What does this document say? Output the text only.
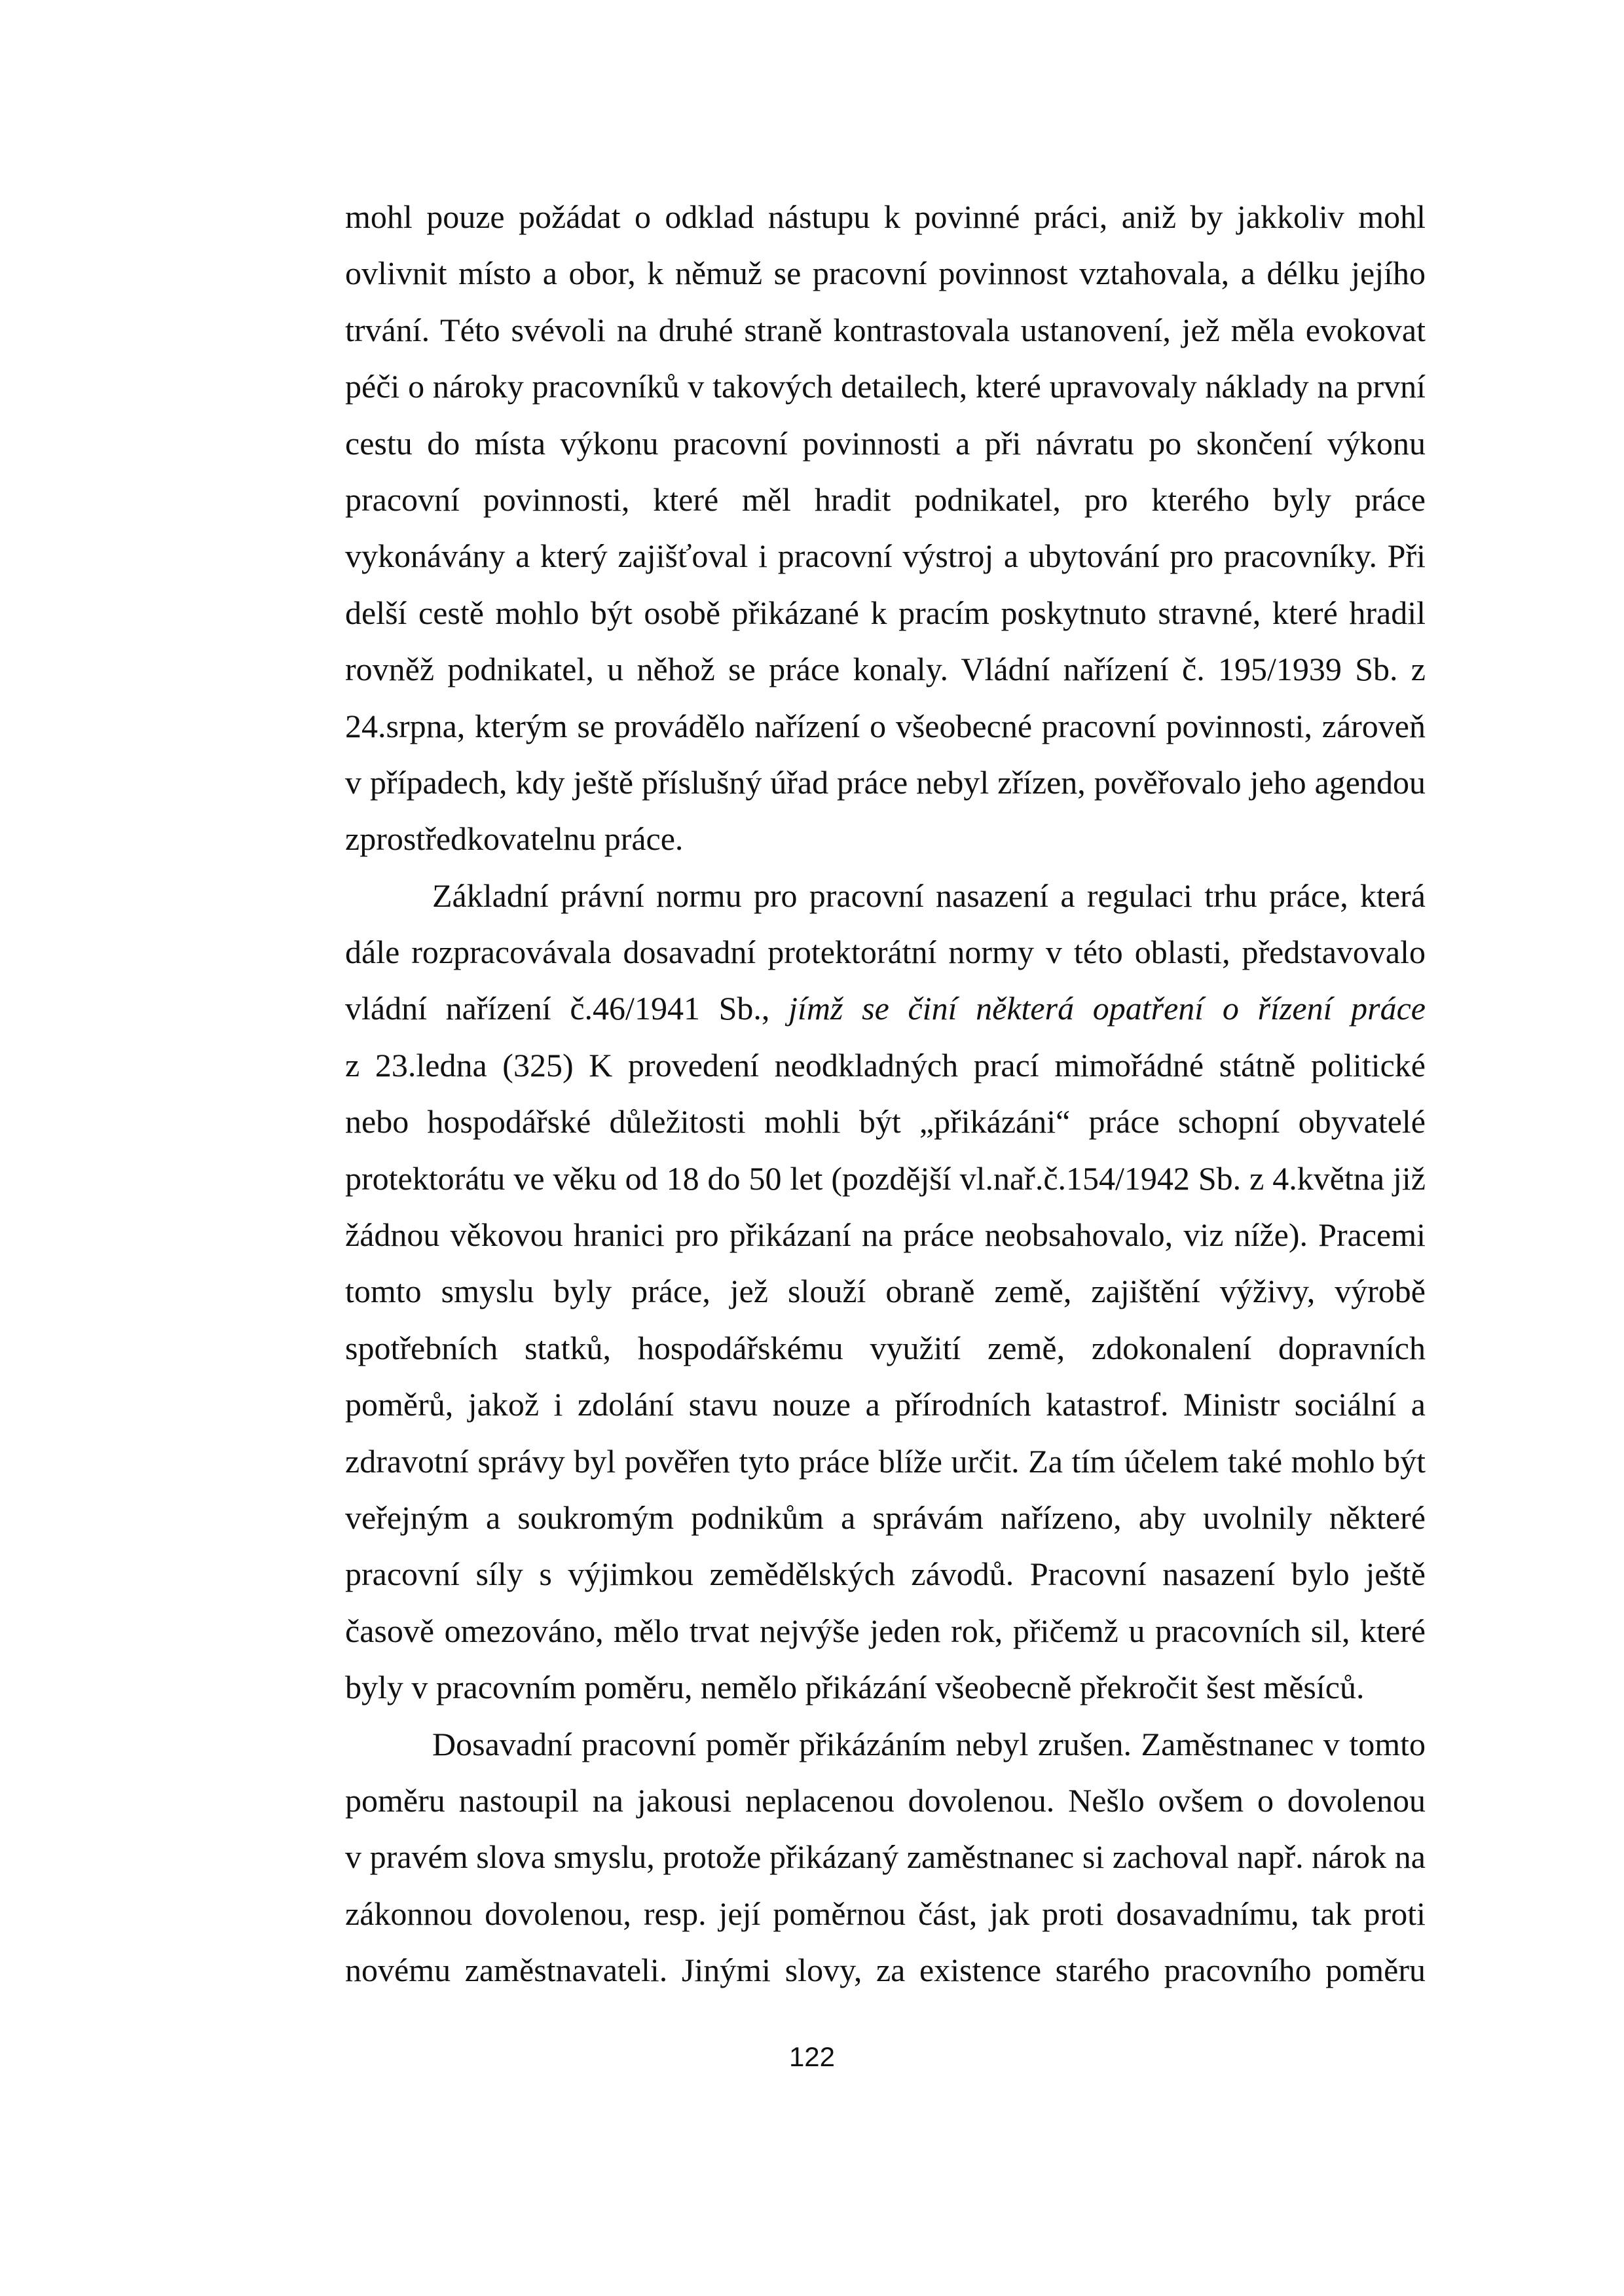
mohl pouze požádat o odklad nástupu k povinné práci, aniž by jakkoliv mohl
ovlivnit místo a obor, k němuž se pracovní povinnost vztahovala, a délku jejího
trvání. Této svévoli na druhé straně kontrastovala ustanovení, jež měla evokovat
péči o nároky pracovníků v takových detailech, které upravovaly náklady na první
cestu do místa výkonu pracovní povinnosti a při návratu po skončení výkonu
pracovní povinnosti, které měl hradit podnikatel, pro kterého byly práce
vykonávány a který zajišťoval i pracovní výstroj a ubytování pro pracovníky. Při
delší cestě mohlo být osobě přikázané k pracím poskytnuto stravné, které hradil
rovněž podnikatel, u něhož se práce konaly. Vládní nařízení č. 195/1939 Sb. z
24.srpna, kterým se provádělo nařízení o všeobecné pracovní povinnosti, zároveň
v případech, kdy ještě příslušný úřad práce nebyl zřízen, pověřovalo jeho agendou
zprostředkovatelnu práce.
Základní právní normu pro pracovní nasazení a regulaci trhu práce, která
dále rozpracovávala dosavadní protektorátní normy v této oblasti, představovalo
vládní nařízení č.46/1941 Sb., jímž se činí některá opatření o řízení práce
z 23.ledna (325) K provedení neodkladných prací mimořádné státně politické
nebo hospodářské důležitosti mohli být „přikázáni“ práce schopní obyvatelé
protektorátu ve věku od 18 do 50 let (pozdější vl.nař.č.154/1942 Sb. z 4.května již
žádnou věkovou hranici pro přikázaní na práce neobsahovalo, viz níže). Pracemi
tomto smyslu byly práce, jež slouží obraně země, zajištění výživy, výrobě
spotřebních statků, hospodářskému využití země, zdokonalení dopravních
poměrů, jakož i zdolání stavu nouze a přírodních katastrof. Ministr sociální a
zdravotní správy byl pověřen tyto práce blíže určit. Za tím účelem také mohlo být
veřejným a soukromým podnikům a správám nařízeno, aby uvolnily některé
pracovní síly s výjimkou zemědělských závodů. Pracovní nasazení bylo ještě
časově omezováno, mělo trvat nejvýše jeden rok, přičemž u pracovních sil, které
byly v pracovním poměru, nemělo přikázání všeobecně překročit šest měsíců.
Dosavadní pracovní poměr přikázáním nebyl zrušen. Zaměstnanec v tomto
poměru nastoupil na jakousi neplacenou dovolenou. Nešlo ovšem o dovolenou
v pravém slova smyslu, protože přikázaný zaměstnanec si zachoval např. nárok na
zákonnou dovolenou, resp. její poměrnou část, jak proti dosavadnímu, tak proti
novému zaměstnavateli. Jinými slovy, za existence starého pracovního poměru
122
